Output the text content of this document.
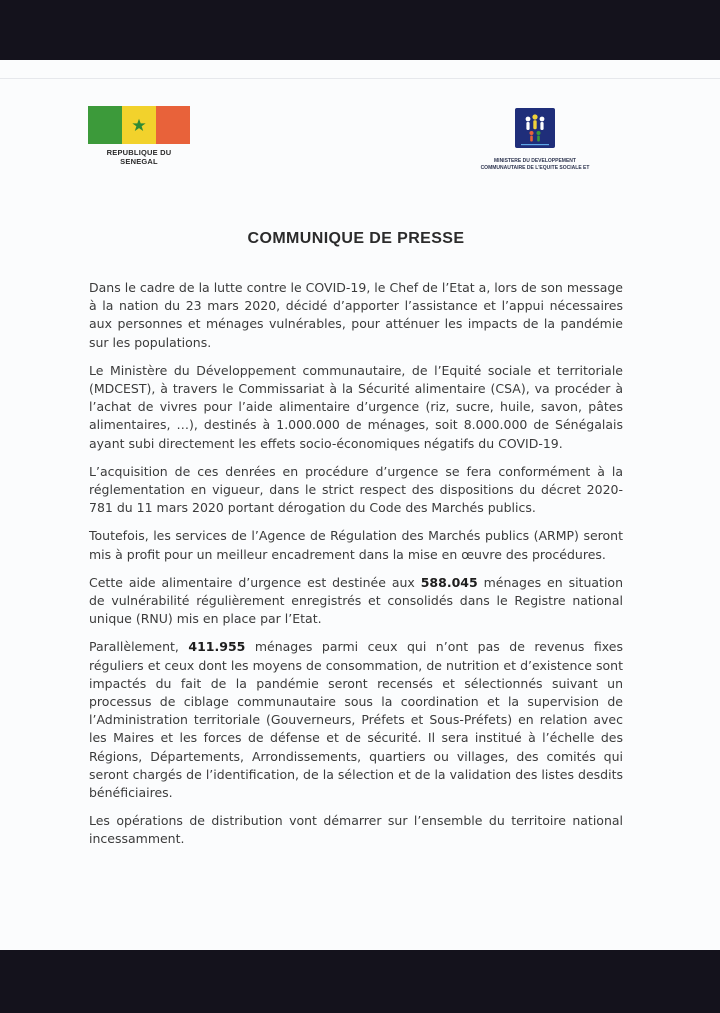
REPUBLIQUE DU
SENEGAL	MINISTERE DU DEVELOPPEMENT
COMMUNAUTAIRE DE L'EQUITE SOCIALE ET
COMMUNIQUE DE PRESSE

Dans le cadre de la lutte contre le COVID-19, le Chef de l’Etat a, lors de son message à la nation du 23 mars 2020, décidé d’apporter l’assistance et l’appui nécessaires aux personnes et ménages vulnérables, pour atténuer les impacts de la pandémie sur les populations.

Le Ministère du Développement communautaire, de l’Equité sociale et territoriale (MDCEST), à travers le Commissariat à la Sécurité alimentaire (CSA), va procéder à l’achat de vivres pour l’aide alimentaire d’urgence (riz, sucre, huile, savon, pâtes alimentaires, …), destinés à 1.000.000 de ménages, soit 8.000.000 de Sénégalais ayant subi directement les effets socio-économiques négatifs du COVID-19.

L’acquisition de ces denrées en procédure d’urgence se fera conformément à la réglementation en vigueur, dans le strict respect des dispositions du décret 2020-781 du 11 mars 2020 portant dérogation du Code des Marchés publics.

Toutefois, les services de l’Agence de Régulation des Marchés publics (ARMP) seront mis à profit pour un meilleur encadrement dans la mise en œuvre des procédures.

Cette aide alimentaire d’urgence est destinée aux 588.045 ménages en situation de vulnérabilité régulièrement enregistrés et consolidés dans le Registre national unique (RNU) mis en place par l’Etat.

Parallèlement, 411.955 ménages parmi ceux qui n’ont pas de revenus fixes réguliers et ceux dont les moyens de consommation, de nutrition et d’existence sont impactés du fait de la pandémie seront recensés et sélectionnés suivant un processus de ciblage communautaire sous la coordination et la supervision de l’Administration territoriale (Gouverneurs, Préfets et Sous-Préfets) en relation avec les Maires et les forces de défense et de sécurité. Il sera institué à l’échelle des Régions, Départements, Arrondissements, quartiers ou villages, des comités qui seront chargés de l’identification, de la sélection et de la validation des listes desdits bénéficiaires.

Les opérations de distribution vont démarrer sur l’ensemble du territoire national incessamment.
